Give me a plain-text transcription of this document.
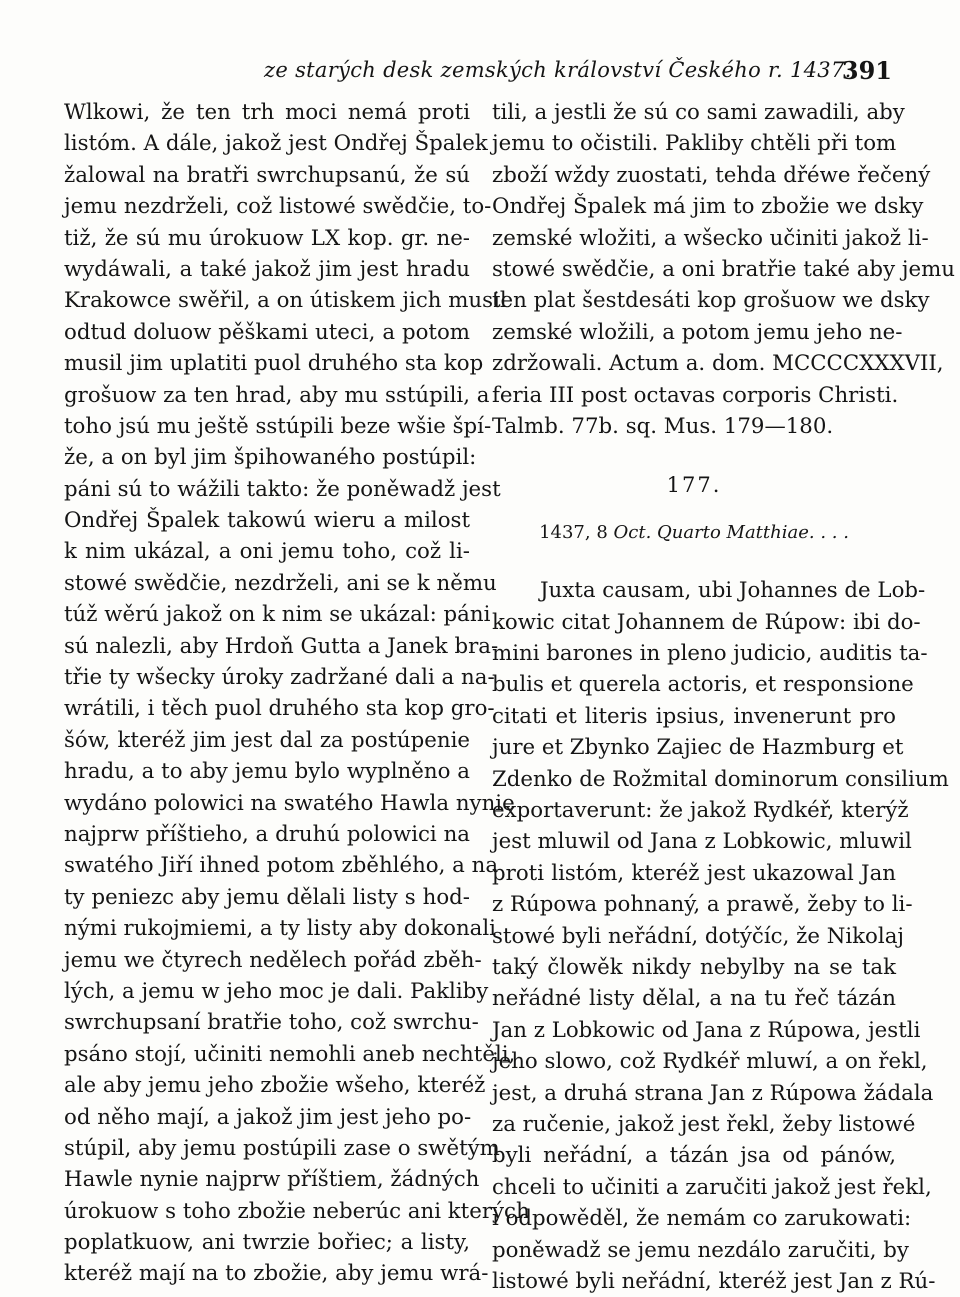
ze starých desk zemských království Českého r. 1437.
391
Wlkowi, že ten trh moci nemá proti
listóm. A dále, jakož jest Ondřej Špalek
žalowal na bratři swrchupsanú, že sú
jemu nezdrželi, což listowé swědčie, to-
tiž, že sú mu úrokuow LX kop. gr. ne-
wydáwali, a také jakož jim jest hradu
Krakowce swěřil, a on útiskem jich musil
odtud doluow pěškami uteci, a potom
musil jim uplatiti puol druhého sta kop
grošuow za ten hrad, aby mu sstúpili, a
toho jsú mu ještě sstúpili beze wšie špí-
že, a on byl jim špihowaného postúpil:
páni sú to wážili takto: že poněwadž jest
Ondřej Špalek takowú wieru a milost
k nim ukázal, a oni jemu toho, což li-
stowé swědčie, nezdrželi, ani se k němu
túž wěrú jakož on k nim se ukázal: páni
sú nalezli, aby Hrdoň Gutta a Janek bra-
třie ty wšecky úroky zadržané dali a na-
wrátili, i těch puol druhého sta kop gro-
šów, kteréž jim jest dal za postúpenie
hradu, a to aby jemu bylo wyplněno a
wydáno polowici na swatého Hawla nynie
najprw příštieho, a druhú polowici na
swatého Jiří ihned potom zběhlého, a na
ty peniezc aby jemu dělali listy s hod-
nými rukojmiemi, a ty listy aby dokonali
jemu we čtyrech nedělech pořád zběh-
lých, a jemu w jeho moc je dali. Pakliby
swrchupsaní bratřie toho, což swrchu-
psáno stojí, učiniti nemohli aneb nechtěli,
ale aby jemu jeho zbožie wšeho, kteréž
od něho mají, a jakož jim jest jeho po-
stúpil, aby jemu postúpili zase o swětým
Hawle nynie najprw příštiem, žádných
úrokuow s toho zbožie neberúc ani kterých
poplatkuow, ani twrzie bořiec; a listy,
kteréž mají na to zbožie, aby jemu wrá-
tili, a jestli že sú co sami zawadili, aby
jemu to očistili. Pakliby chtěli při tom
zboží wždy zuostati, tehda dřéwe řečený
Ondřej Špalek má jim to zbožie we dsky
zemské wložiti, a wšecko učiniti jakož li-
stowé swědčie, a oni bratřie také aby jemu
ten plat šestdesáti kop grošuow we dsky
zemské wložili, a potom jemu jeho ne-
zdržowali. Actum a. dom. MCCCCXXXVII,
feria III post octavas corporis Christi.
Talmb. 77b. sq. Mus. 179—180.
177.
1437, 8 Oct. Quarto Matthiae. . . .
Juxta causam, ubi Johannes de Lob-
kowic citat Johannem de Rúpow: ibi do-
mini barones in pleno judicio, auditis ta-
bulis et querela actoris, et responsione
citati et literis ipsius, invenerunt pro
jure et Zbynko Zajiec de Hazmburg et
Zdenko de Rožmital dominorum consilium
exportaverunt: že jakož Rydkéř, kterýž
jest mluwil od Jana z Lobkowic, mluwil
proti listóm, kteréž jest ukazowal Jan
z Rúpowa pohnaný, a prawě, žeby to li-
stowé byli neřádní, dotýčíc, že Nikolaj
taký člowěk nikdy nebylby na se tak
neřádné listy dělal, a na tu řeč tázán
Jan z Lobkowic od Jana z Rúpowa, jestli
jeho slowo, což Rydkéř mluwí, a on řekl,
jest, a druhá strana Jan z Rúpowa žádala
za ručenie, jakož jest řekl, žeby listowé
byli neřádní, a tázán jsa od pánów,
chceli to učiniti a zaručiti jakož jest řekl,
i odpowěděl, že nemám co zarukowati:
poněwadž se jemu nezdálo zaručiti, by
listowé byli neřádní, kteréž jest Jan z Rú-
